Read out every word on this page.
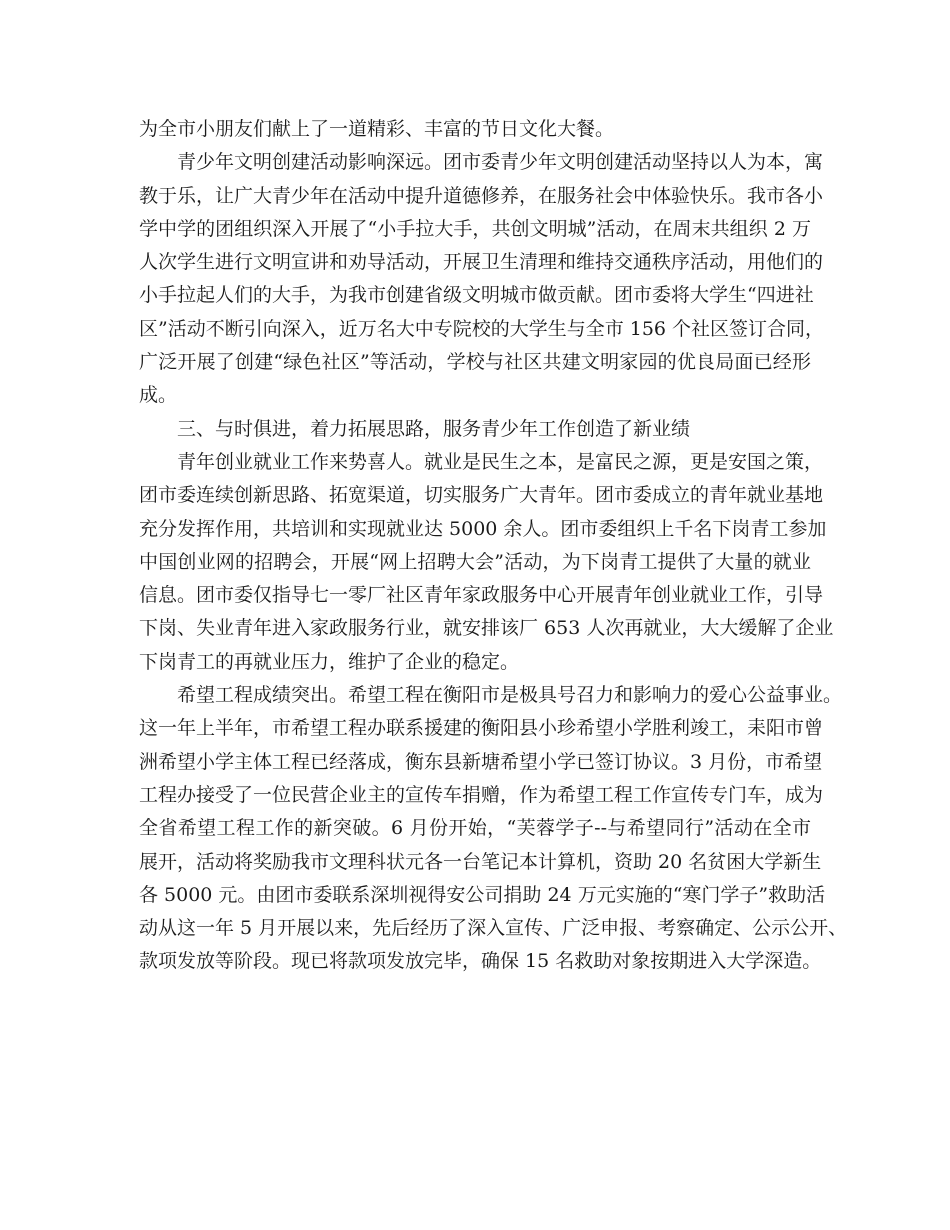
为全市小朋友们献上了一道精彩、丰富的节日文化大餐。
青少年文明创建活动影响深远。团市委青少年文明创建活动坚持以人为本，寓
教于乐，让广大青少年在活动中提升道德修养，在服务社会中体验快乐。我市各小
学中学的团组织深入开展了“小手拉大手，共创文明城”活动，在周末共组织 2 万
人次学生进行文明宣讲和劝导活动，开展卫生清理和维持交通秩序活动，用他们的
小手拉起人们的大手，为我市创建省级文明城市做贡献。团市委将大学生“四进社
区”活动不断引向深入，近万名大中专院校的大学生与全市 156 个社区签订合同，
广泛开展了创建“绿色社区”等活动，学校与社区共建文明家园的优良局面已经形
成。
三、与时俱进，着力拓展思路，服务青少年工作创造了新业绩
青年创业就业工作来势喜人。就业是民生之本，是富民之源，更是安国之策，
团市委连续创新思路、拓宽渠道，切实服务广大青年。团市委成立的青年就业基地
充分发挥作用，共培训和实现就业达 5000 余人。团市委组织上千名下岗青工参加
中国创业网的招聘会，开展“网上招聘大会”活动，为下岗青工提供了大量的就业
信息。团市委仅指导七一零厂社区青年家政服务中心开展青年创业就业工作，引导
下岗、失业青年进入家政服务行业，就安排该厂 653 人次再就业，大大缓解了企业
下岗青工的再就业压力，维护了企业的稳定。
希望工程成绩突出。希望工程在衡阳市是极具号召力和影响力的爱心公益事业。
这一年上半年，市希望工程办联系援建的衡阳县小珍希望小学胜利竣工，耒阳市曾
洲希望小学主体工程已经落成，衡东县新塘希望小学已签订协议。3 月份，市希望
工程办接受了一位民营企业主的宣传车捐赠，作为希望工程工作宣传专门车，成为
全省希望工程工作的新突破。6 月份开始，“芙蓉学子--与希望同行”活动在全市
展开，活动将奖励我市文理科状元各一台笔记本计算机，资助 20 名贫困大学新生
各 5000 元。由团市委联系深圳视得安公司捐助 24 万元实施的“寒门学子”救助活
动从这一年 5 月开展以来，先后经历了深入宣传、广泛申报、考察确定、公示公开、
款项发放等阶段。现已将款项发放完毕，确保 15 名救助对象按期进入大学深造。
